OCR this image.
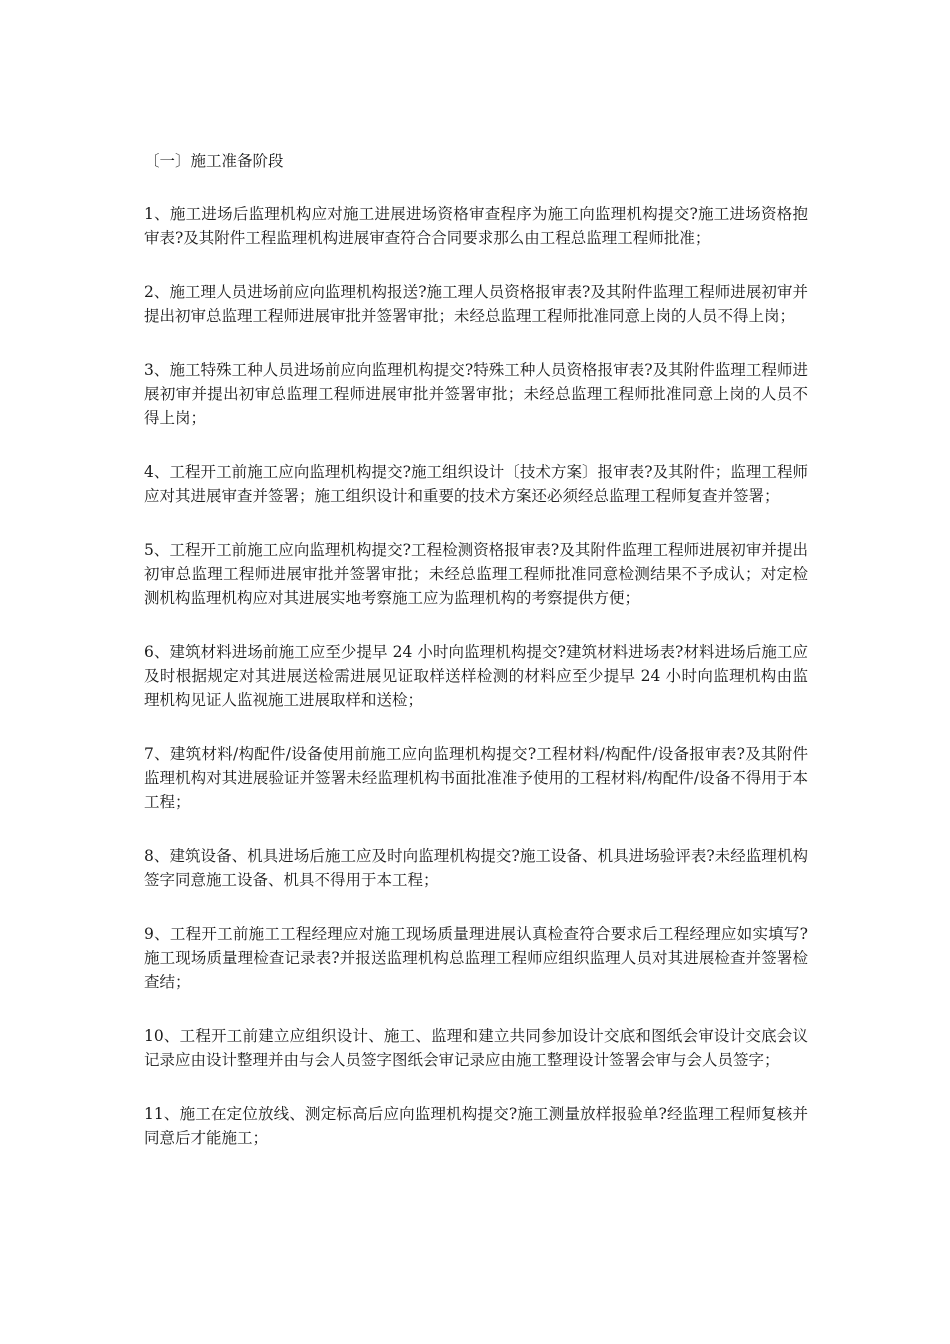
〔一〕施工准备阶段

1、施工进场后监理机构应对施工进展进场资格审查程序为施工向监理机构提交?施工进场资格抱审表?及其附件工程监理机构进展审查符合合同要求那么由工程总监理工程师批准；

2、施工理人员进场前应向监理机构报送?施工理人员资格报审表?及其附件监理工程师进展初审并提出初审总监理工程师进展审批并签署审批；未经总监理工程师批准同意上岗的人员不得上岗；

3、施工特殊工种人员进场前应向监理机构提交?特殊工种人员资格报审表?及其附件监理工程师进展初审并提出初审总监理工程师进展审批并签署审批；未经总监理工程师批准同意上岗的人员不得上岗；

4、工程开工前施工应向监理机构提交?施工组织设计〔技术方案〕报审表?及其附件；监理工程师应对其进展审查并签署；施工组织设计和重要的技术方案还必须经总监理工程师复查并签署；

5、工程开工前施工应向监理机构提交?工程检测资格报审表?及其附件监理工程师进展初审并提出初审总监理工程师进展审批并签署审批；未经总监理工程师批准同意检测结果不予成认；对定检测机构监理机构应对其进展实地考察施工应为监理机构的考察提供方便；

6、建筑材料进场前施工应至少提早 24 小时向监理机构提交?建筑材料进场表?材料进场后施工应及时根据规定对其进展送检需进展见证取样送样检测的材料应至少提早 24 小时向监理机构由监理机构见证人监视施工进展取样和送检；

7、建筑材料/构配件/设备使用前施工应向监理机构提交?工程材料/构配件/设备报审表?及其附件监理机构对其进展验证并签署未经监理机构书面批准准予使用的工程材料/构配件/设备不得用于本工程；

8、建筑设备、机具进场后施工应及时向监理机构提交?施工设备、机具进场验评表?未经监理机构签字同意施工设备、机具不得用于本工程；

9、工程开工前施工工程经理应对施工现场质量理进展认真检查符合要求后工程经理应如实填写?施工现场质量理检查记录表?并报送监理机构总监理工程师应组织监理人员对其进展检查并签署检查结；

10、工程开工前建立应组织设计、施工、监理和建立共同参加设计交底和图纸会审设计交底会议记录应由设计整理并由与会人员签字图纸会审记录应由施工整理设计签署会审与会人员签字；

11、施工在定位放线、测定标高后应向监理机构提交?施工测量放样报验单?经监理工程师复核并同意后才能施工；
